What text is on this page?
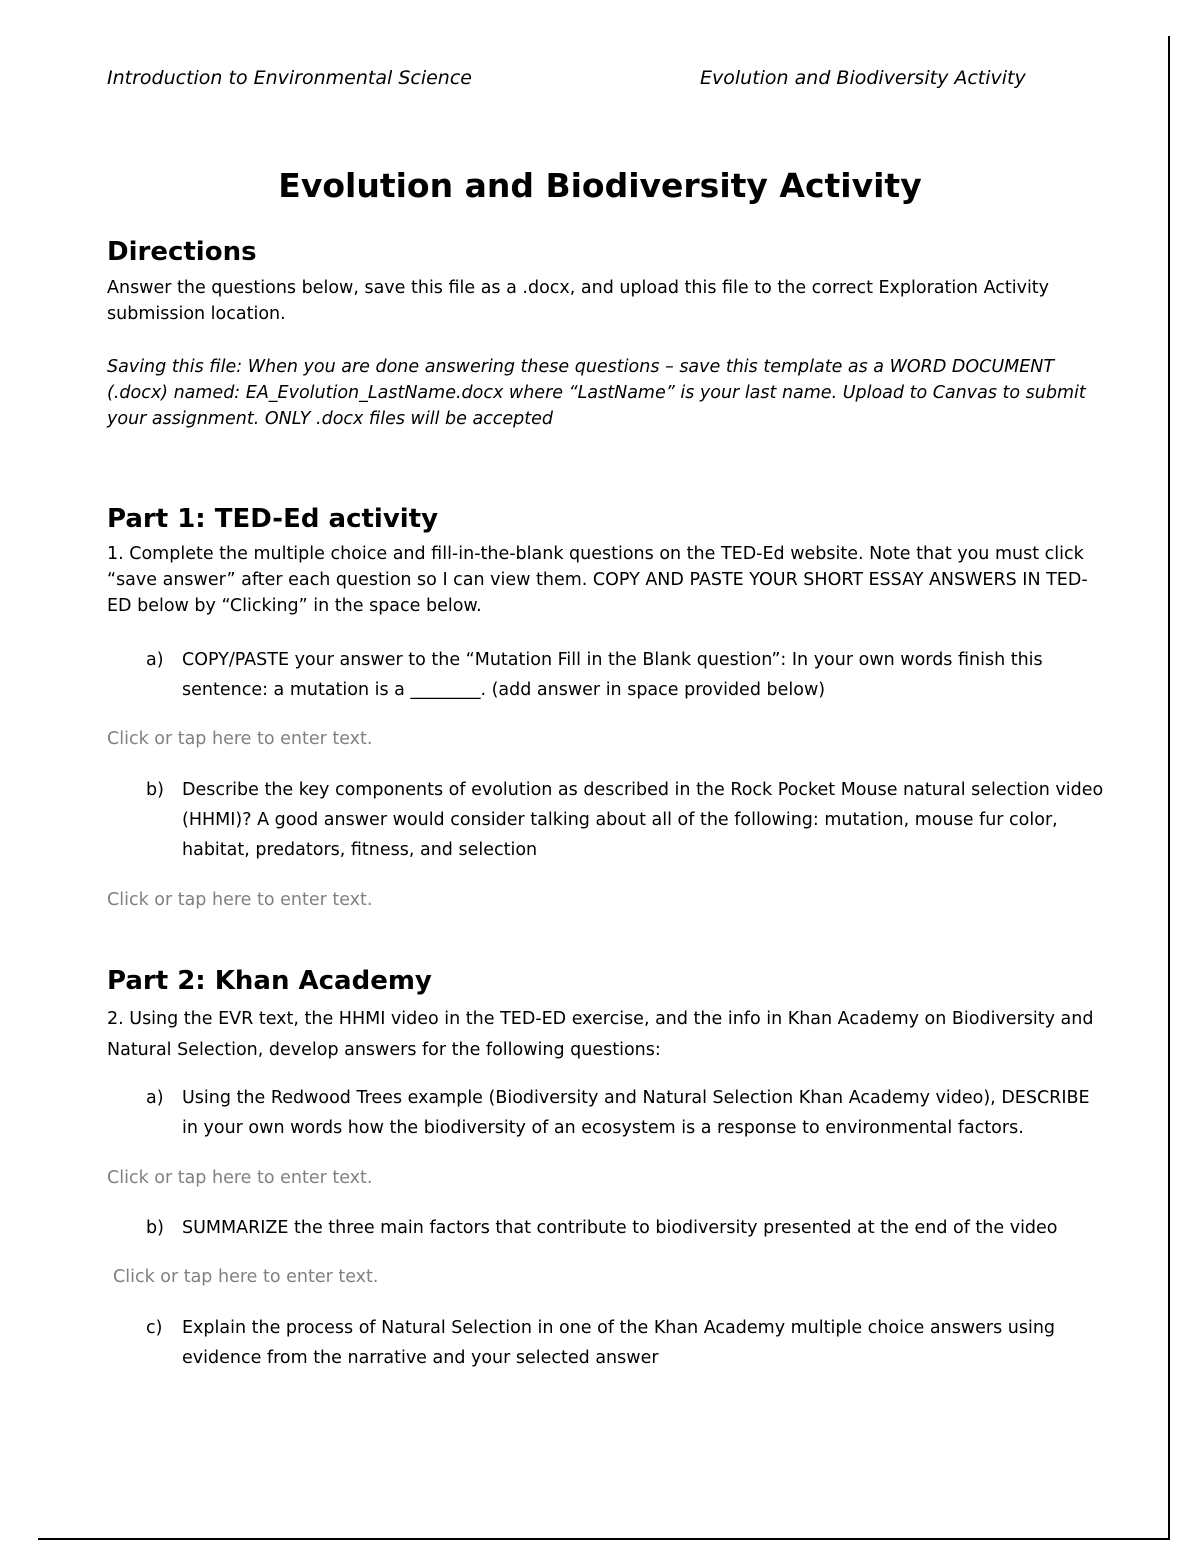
Introduction to Environmental Science	Evolution and Biodiversity Activity
Evolution and Biodiversity Activity
Directions
Answer the questions below, save this file as a .docx, and upload this file to the correct Exploration Activity submission location.
Saving this file: When you are done answering these questions – save this template as a WORD DOCUMENT (.docx) named: EA_Evolution_LastName.docx where “LastName” is your last name. Upload to Canvas to submit your assignment. ONLY .docx files will be accepted
Part 1: TED-Ed activity
1. Complete the multiple choice and fill-in-the-blank questions on the TED-Ed website. Note that you must click “save answer” after each question so I can view them. COPY AND PASTE YOUR SHORT ESSAY ANSWERS IN TED-ED below by “Clicking” in the space below.
a)	COPY/PASTE your answer to the “Mutation Fill in the Blank question”: In your own words finish this sentence: a mutation is a ________. (add answer in space provided below)
Click or tap here to enter text.
b)	Describe the key components of evolution as described in the Rock Pocket Mouse natural selection video (HHMI)? A good answer would consider talking about all of the following: mutation, mouse fur color, habitat, predators, fitness, and selection
Click or tap here to enter text.
Part 2: Khan Academy
2. Using the EVR text, the HHMI video in the TED-ED exercise, and the info in Khan Academy on Biodiversity and Natural Selection, develop answers for the following questions:
a)	Using the Redwood Trees example (Biodiversity and Natural Selection Khan Academy video), DESCRIBE in your own words how the biodiversity of an ecosystem is a response to environmental factors.
Click or tap here to enter text.
b)	SUMMARIZE the three main factors that contribute to biodiversity presented at the end of the video
Click or tap here to enter text.
c)	Explain the process of Natural Selection in one of the Khan Academy multiple choice answers using evidence from the narrative and your selected answer
